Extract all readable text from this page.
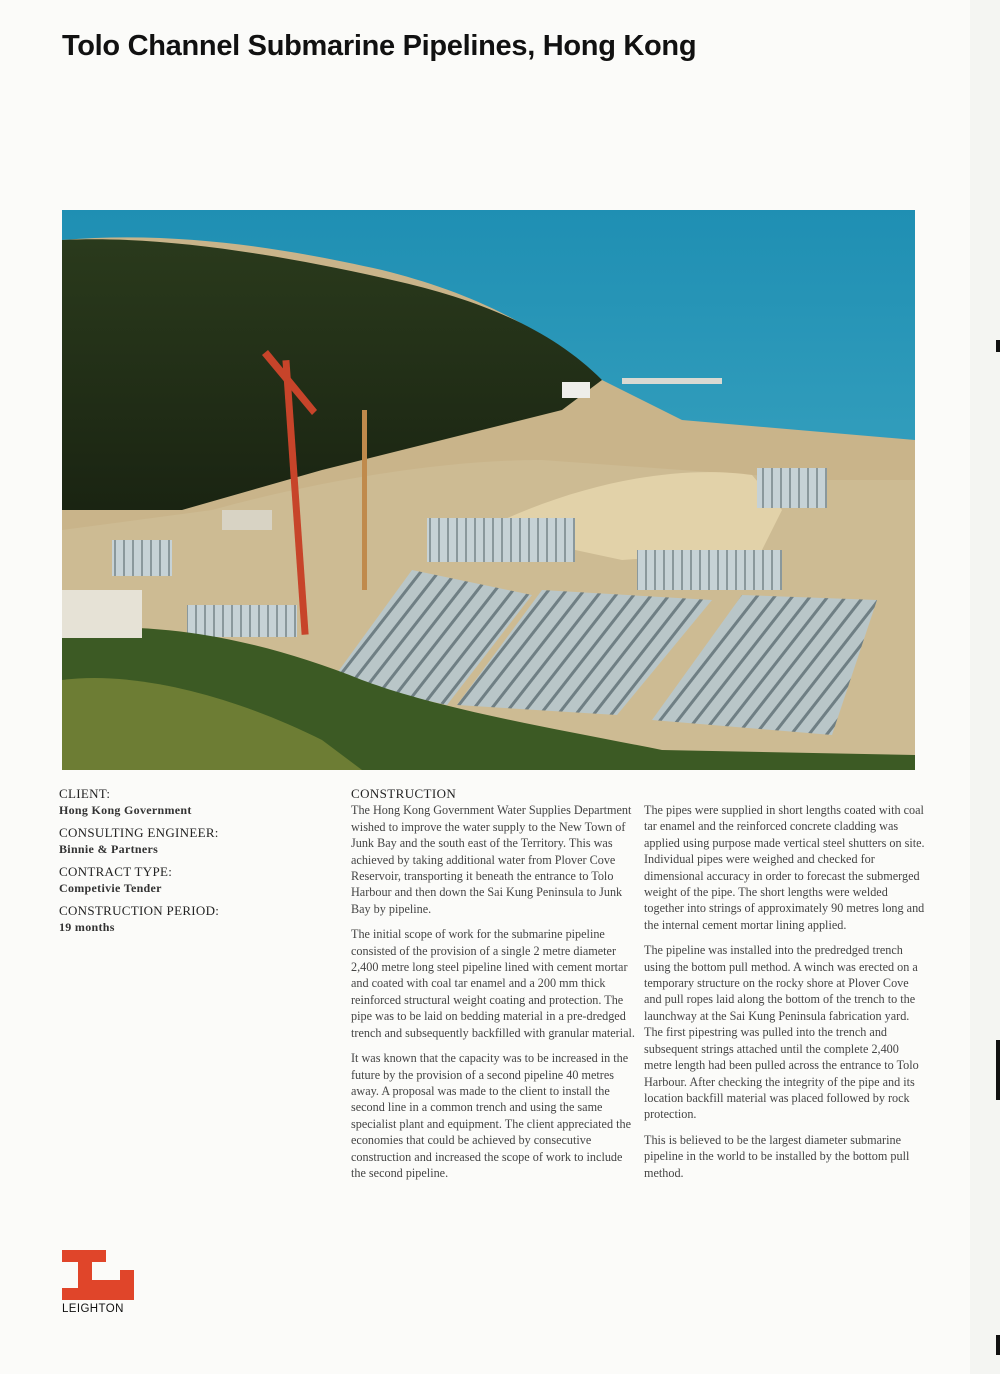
Tolo Channel Submarine Pipelines, Hong Kong
CLIENT:
Hong Kong Government
CONSULTING ENGINEER:
Binnie & Partners
CONTRACT TYPE:
Competivie Tender
CONSTRUCTION PERIOD:
19 months
CONSTRUCTION

The Hong Kong Government Water Supplies Department wished to improve the water supply to the New Town of Junk Bay and the south east of the Territory. This was achieved by taking additional water from Plover Cove Reservoir, transporting it beneath the entrance to Tolo Harbour and then down the Sai Kung Peninsula to Junk Bay by pipeline.

The initial scope of work for the submarine pipeline consisted of the provision of a single 2 metre diameter 2,400 metre long steel pipeline lined with cement mortar and coated with coal tar enamel and a 200 mm thick reinforced structural weight coating and protection. The pipe was to be laid on bedding material in a pre-dredged trench and subsequently backfilled with granular material.

It was known that the capacity was to be increased in the future by the provision of a second pipeline 40 metres away. A proposal was made to the client to install the second line in a common trench and using the same specialist plant and equipment. The client appreciated the economies that could be achieved by consecutive construction and increased the scope of work to include the second pipeline.

The pipes were supplied in short lengths coated with coal tar enamel and the reinforced concrete cladding was applied using purpose made vertical steel shutters on site. Individual pipes were weighed and checked for dimensional accuracy in order to forecast the submerged weight of the pipe. The short lengths were welded together into strings of approximately 90 metres long and the internal cement mortar lining applied.

The pipeline was installed into the predredged trench using the bottom pull method. A winch was erected on a temporary structure on the rocky shore at Plover Cove and pull ropes laid along the bottom of the trench to the launchway at the Sai Kung Peninsula fabrication yard. The first pipestring was pulled into the trench and subsequent strings attached until the complete 2,400 metre length had been pulled across the entrance to Tolo Harbour. After checking the integrity of the pipe and its location backfill material was placed followed by rock protection.

This is believed to be the largest diameter submarine pipeline in the world to be installed by the bottom pull method.

LEIGHTON
